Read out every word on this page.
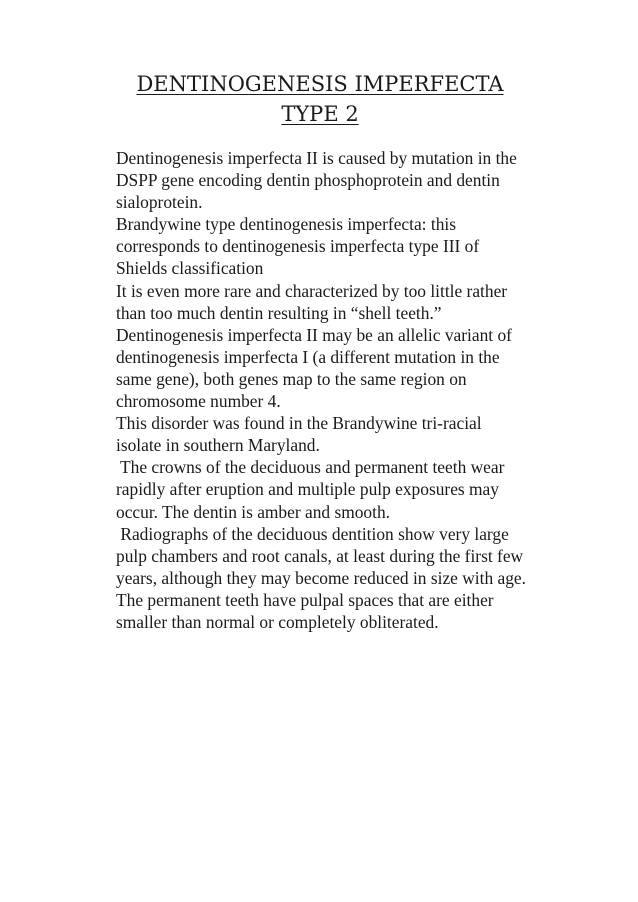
DENTINOGENESIS IMPERFECTA
TYPE 2

Dentinogenesis imperfecta II is caused by mutation in the

DSPP gene encoding dentin phosphoprotein and dentin

sialoprotein.

Brandywine type dentinogenesis imperfecta: this

corresponds to dentinogenesis imperfecta type III of

Shields classification

It is even more rare and characterized by too little rather

than too much dentin resulting in “shell teeth.”

Dentinogenesis imperfecta II may be an allelic variant of

dentinogenesis imperfecta I (a different mutation in the

same gene), both genes map to the same region on

chromosome number 4.

This disorder was found in the Brandywine tri-racial

isolate in southern Maryland.

The crowns of the deciduous and permanent teeth wear

rapidly after eruption and multiple pulp exposures may

occur. The dentin is amber and smooth.

Radiographs of the deciduous dentition show very large

pulp chambers and root canals, at least during the first few

years, although they may become reduced in size with age.

The permanent teeth have pulpal spaces that are either

smaller than normal or completely obliterated.
